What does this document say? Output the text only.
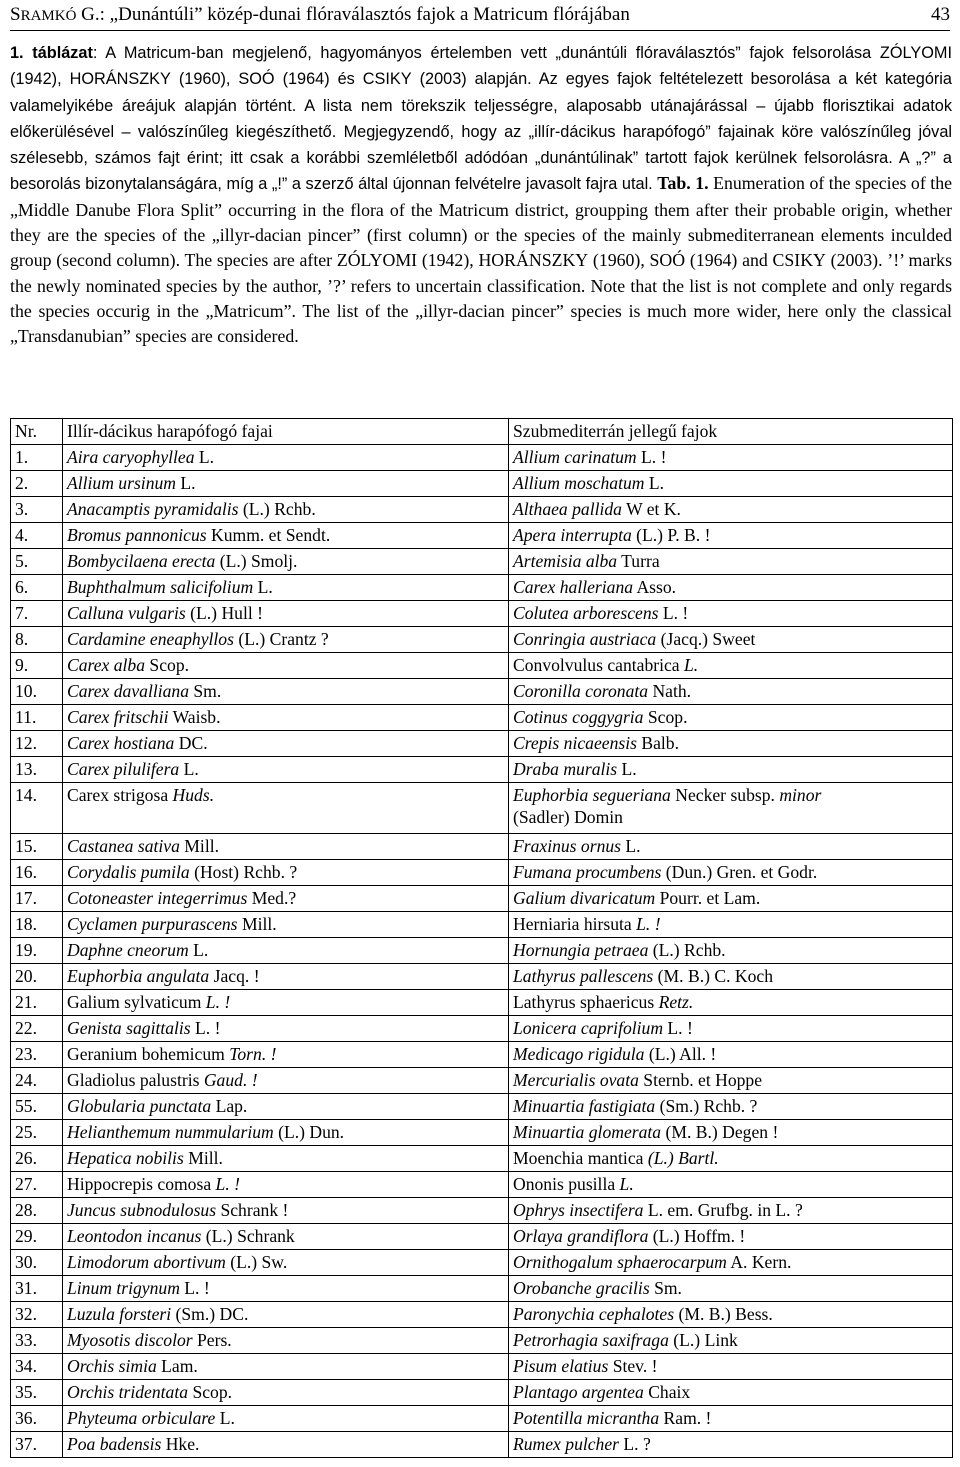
SRAMKÓ G.: „Dunántúli” közép-dunai flóraválasztós fajok a Matricum flórájában	43
1. táblázat: A Matricum-ban megjelenő, hagyományos értelemben vett „dunántúli flóraválasztós” fajok felsorolása ZÓLYOMI (1942), HORÁNSZKY (1960), SOÓ (1964) és CSIKY (2003) alapján. Az egyes fajok feltételezett besorolása a két kategória valamelyikébe áreájuk alapján történt. A lista nem törekszik teljességre, alaposabb utánajárással – újabb florisztikai adatok előkerülésével – valószínűleg kiegészíthető. Megjegyzendő, hogy az „illír-dácikus harapófogó” fajainak köre valószínűleg jóval szélesebb, számos fajt érint; itt csak a korábbi szemléletből adódóan „dunántúlinak” tartott fajok kerülnek felsorolásra. A „?” a besorolás bizonytalanságára, míg a „!” a szerző által újonnan felvételre javasolt fajra utal. Tab. 1. Enumeration of the species of the „Middle Danube Flora Split” occurring in the flora of the Matricum district, groupping them after their probable origin, whether they are the species of the „illyr-dacian pincer” (first column) or the species of the mainly submediterranean elements inculded group (second column). The species are after ZÓLYOMI (1942), HORÁNSZKY (1960), SOÓ (1964) and CSIKY (2003). ’!’ marks the newly nominated species by the author, ’?’ refers to uncertain classification. Note that the list is not complete and only regards the species occurig in the „Matricum”. The list of the „illyr-dacian pincer” species is much more wider, here only the classical „Transdanubian” species are considered.
Nr.	Illír-dácikus harapófogó fajai	Szubmediterrán jellegű fajok
1.	Aira caryophyllea L.	Allium carinatum L. !
2.	Allium ursinum L.	Allium moschatum L.
3.	Anacamptis pyramidalis (L.) Rchb.	Althaea pallida W et K.
4.	Bromus pannonicus Kumm. et Sendt.	Apera interrupta (L.) P. B. !
5.	Bombycilaena erecta (L.) Smolj.	Artemisia alba Turra
6.	Buphthalmum salicifolium L.	Carex halleriana Asso.
7.	Calluna vulgaris (L.) Hull !	Colutea arborescens L. !
8.	Cardamine eneaphyllos (L.) Crantz ?	Conringia austriaca (Jacq.) Sweet
9.	Carex alba Scop.	Convolvulus cantabrica L.
10.	Carex davalliana Sm.	Coronilla coronata Nath.
11.	Carex fritschii Waisb.	Cotinus coggygria Scop.
12.	Carex hostiana DC.	Crepis nicaeensis Balb.
13.	Carex pilulifera L.	Draba muralis L.
14.	Carex strigosa Huds.	Euphorbia segueriana Necker subsp. minor
(Sadler) Domin
15.	Castanea sativa Mill.	Fraxinus ornus L.
16.	Corydalis pumila (Host) Rchb. ?	Fumana procumbens (Dun.) Gren. et Godr.
17.	Cotoneaster integerrimus Med.?	Galium divaricatum Pourr. et Lam.
18.	Cyclamen purpurascens Mill.	Herniaria hirsuta L. !
19.	Daphne cneorum L.	Hornungia petraea (L.) Rchb.
20.	Euphorbia angulata Jacq. !	Lathyrus pallescens (M. B.) C. Koch
21.	Galium sylvaticum L. !	Lathyrus sphaericus Retz.
22.	Genista sagittalis L. !	Lonicera caprifolium L. !
23.	Geranium bohemicum Torn. !	Medicago rigidula (L.) All. !
24.	Gladiolus palustris Gaud. !	Mercurialis ovata Sternb. et Hoppe
55.	Globularia punctata Lap.	Minuartia fastigiata (Sm.) Rchb. ?
25.	Helianthemum nummularium (L.) Dun.	Minuartia glomerata (M. B.) Degen !
26.	Hepatica nobilis Mill.	Moenchia mantica (L.) Bartl.
27.	Hippocrepis comosa L. !	Ononis pusilla L.
28.	Juncus subnodulosus Schrank !	Ophrys insectifera L. em. Grufbg. in L. ?
29.	Leontodon incanus (L.) Schrank	Orlaya grandiflora (L.) Hoffm. !
30.	Limodorum abortivum (L.) Sw.	Ornithogalum sphaerocarpum A. Kern.
31.	Linum trigynum L. !	Orobanche gracilis Sm.
32.	Luzula forsteri (Sm.) DC.	Paronychia cephalotes (M. B.) Bess.
33.	Myosotis discolor Pers.	Petrorhagia saxifraga (L.) Link
34.	Orchis simia Lam.	Pisum elatius Stev. !
35.	Orchis tridentata Scop.	Plantago argentea Chaix
36.	Phyteuma orbiculare L.	Potentilla micrantha Ram. !
37.	Poa badensis Hke.	Rumex pulcher L. ?
